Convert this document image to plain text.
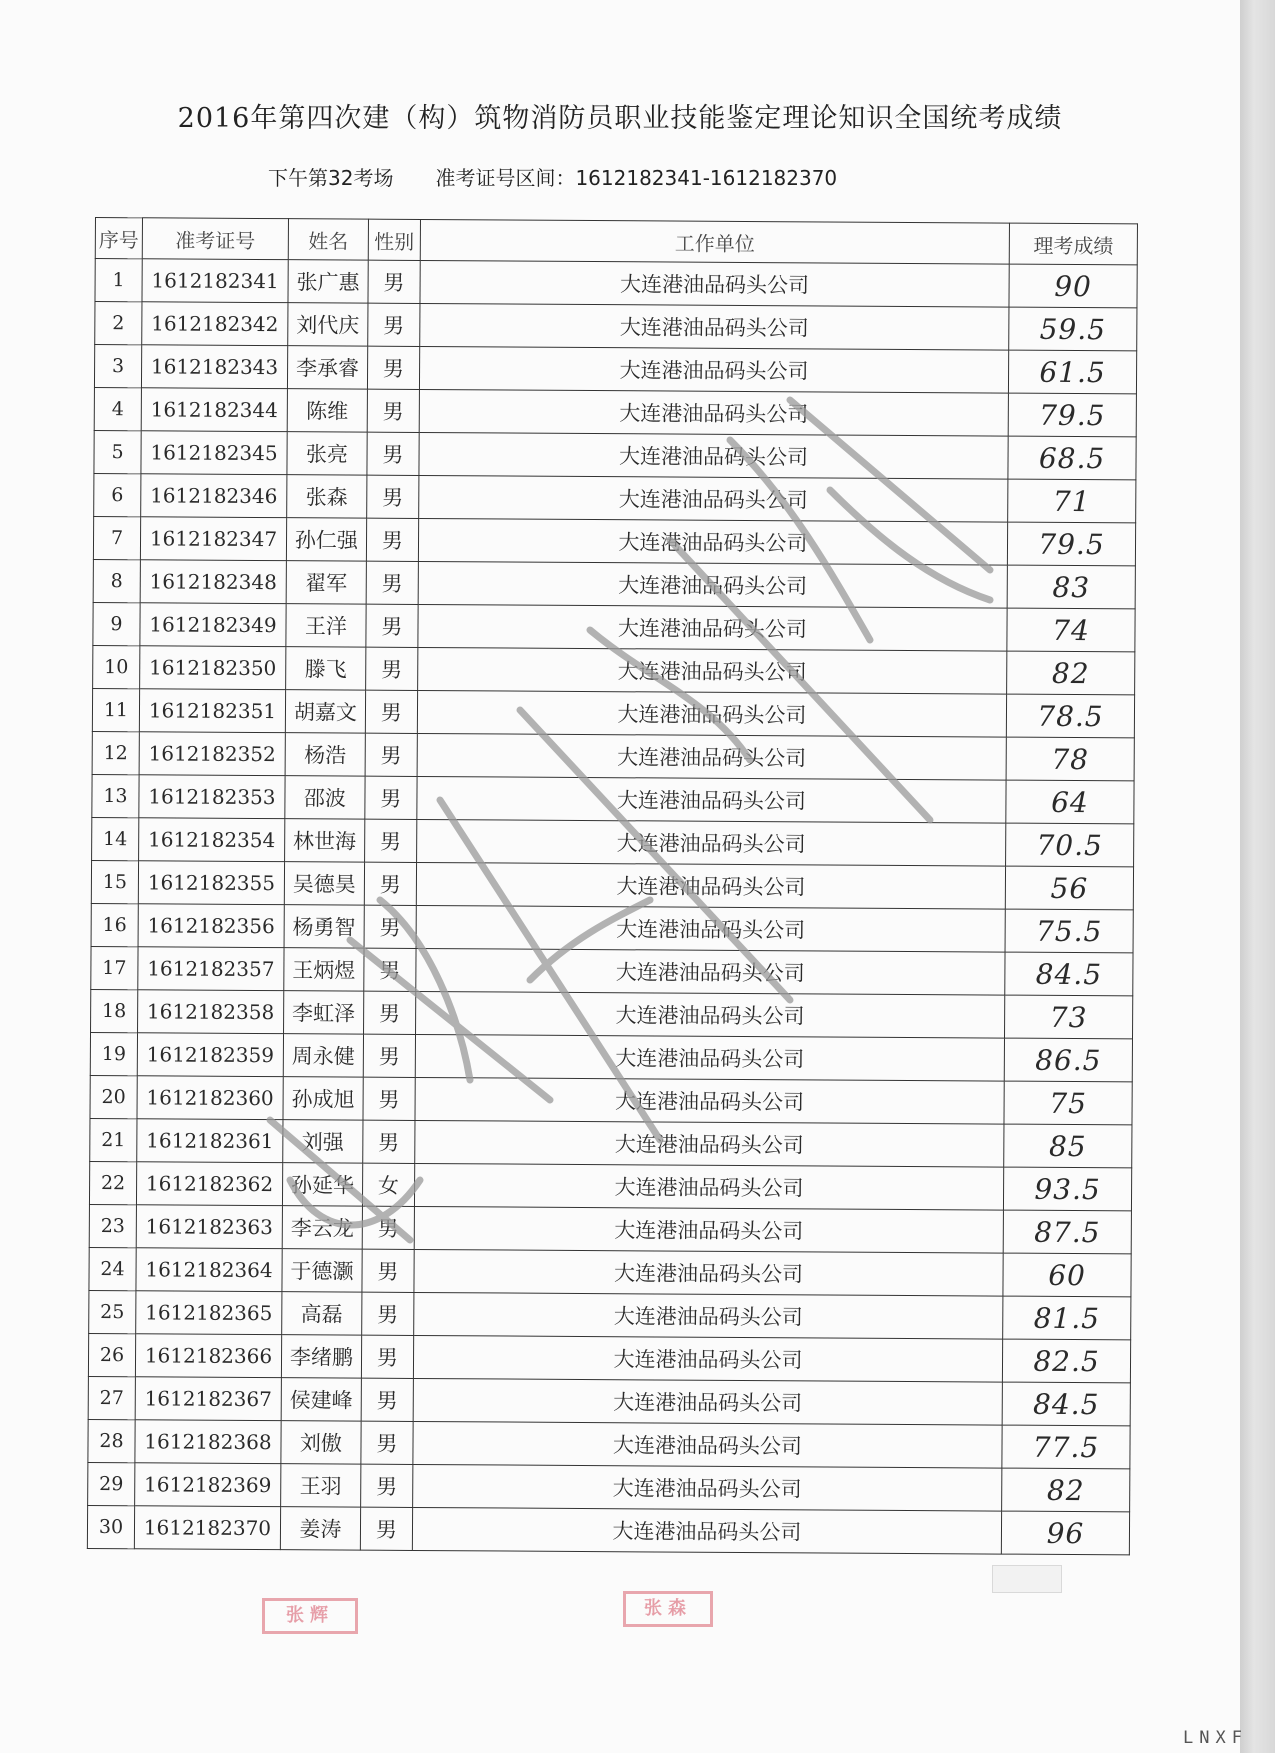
2016年第四次建（构）筑物消防员职业技能鉴定理论知识全国统考成绩
下午第32考场 准考证号区间：1612182341-1612182370
序号	准考证号	姓名	性别	工作单位	理考成绩
1	1612182341	张广惠	男	大连港油品码头公司	90
2	1612182342	刘代庆	男	大连港油品码头公司	59.5
3	1612182343	李承睿	男	大连港油品码头公司	61.5
4	1612182344	陈维	男	大连港油品码头公司	79.5
5	1612182345	张亮	男	大连港油品码头公司	68.5
6	1612182346	张森	男	大连港油品码头公司	71
7	1612182347	孙仁强	男	大连港油品码头公司	79.5
8	1612182348	翟军	男	大连港油品码头公司	83
9	1612182349	王洋	男	大连港油品码头公司	74
10	1612182350	滕飞	男	大连港油品码头公司	82
11	1612182351	胡嘉文	男	大连港油品码头公司	78.5
12	1612182352	杨浩	男	大连港油品码头公司	78
13	1612182353	邵波	男	大连港油品码头公司	64
14	1612182354	林世海	男	大连港油品码头公司	70.5
15	1612182355	吴德昊	男	大连港油品码头公司	56
16	1612182356	杨勇智	男	大连港油品码头公司	75.5
17	1612182357	王炳煜	男	大连港油品码头公司	84.5
18	1612182358	李虹泽	男	大连港油品码头公司	73
19	1612182359	周永健	男	大连港油品码头公司	86.5
20	1612182360	孙成旭	男	大连港油品码头公司	75
21	1612182361	刘强	男	大连港油品码头公司	85
22	1612182362	孙延华	女	大连港油品码头公司	93.5
23	1612182363	李云龙	男	大连港油品码头公司	87.5
24	1612182364	于德灏	男	大连港油品码头公司	60
25	1612182365	高磊	男	大连港油品码头公司	81.5
26	1612182366	李绪鹏	男	大连港油品码头公司	82.5
27	1612182367	侯建峰	男	大连港油品码头公司	84.5
28	1612182368	刘傲	男	大连港油品码头公司	77.5
29	1612182369	王羽	男	大连港油品码头公司	82
30	1612182370	姜涛	男	大连港油品码头公司	96
张辉	张森
LNXF
